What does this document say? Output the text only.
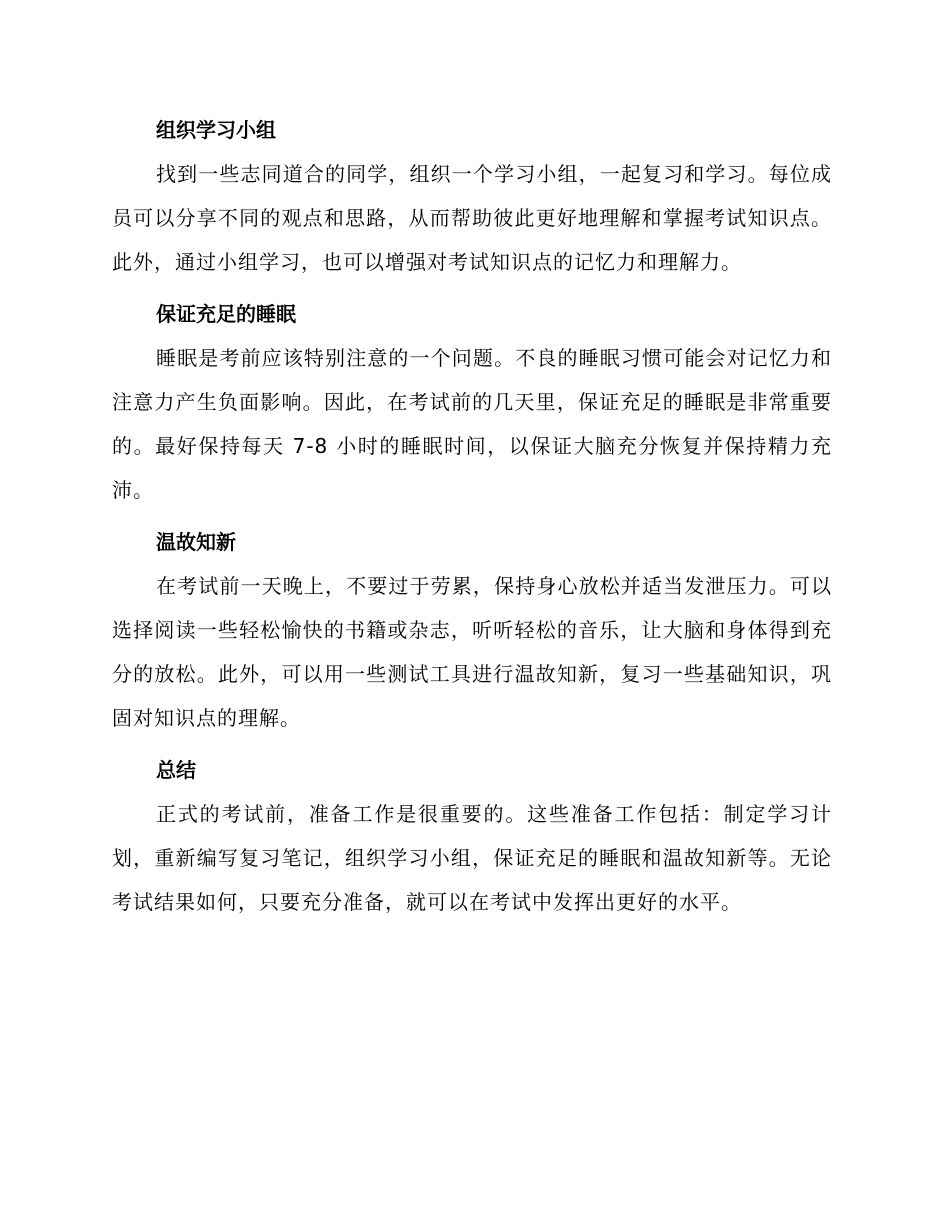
组织学习小组

找到一些志同道合的同学，组织一个学习小组，一起复习和学习。每位成员可以分享不同的观点和思路，从而帮助彼此更好地理解和掌握考试知识点。此外，通过小组学习，也可以增强对考试知识点的记忆力和理解力。

保证充足的睡眠

睡眠是考前应该特别注意的一个问题。不良的睡眠习惯可能会对记忆力和注意力产生负面影响。因此，在考试前的几天里，保证充足的睡眠是非常重要的。最好保持每天 7-8 小时的睡眠时间，以保证大脑充分恢复并保持精力充沛。

温故知新

在考试前一天晚上，不要过于劳累，保持身心放松并适当发泄压力。可以选择阅读一些轻松愉快的书籍或杂志，听听轻松的音乐，让大脑和身体得到充分的放松。此外，可以用一些测试工具进行温故知新，复习一些基础知识，巩固对知识点的理解。

总结

正式的考试前，准备工作是很重要的。这些准备工作包括：制定学习计划，重新编写复习笔记，组织学习小组，保证充足的睡眠和温故知新等。无论考试结果如何，只要充分准备，就可以在考试中发挥出更好的水平。
